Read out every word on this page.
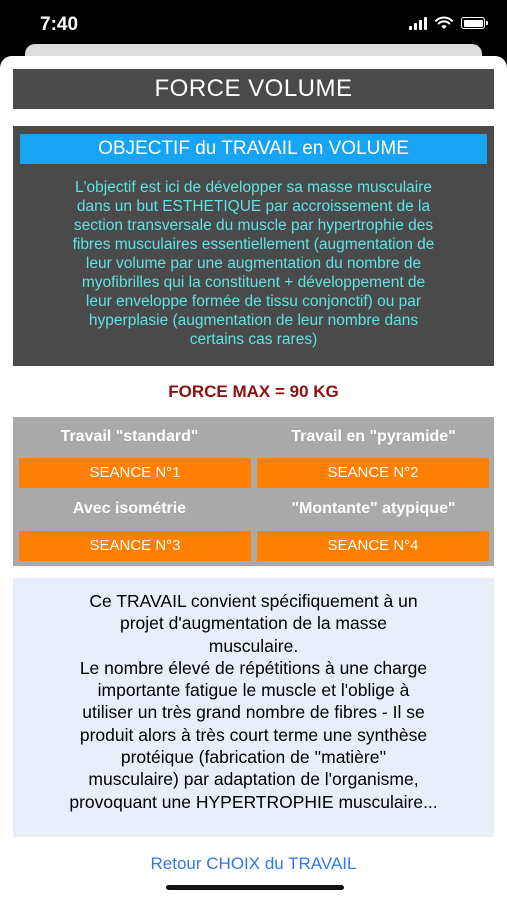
7:40
FORCE VOLUME
OBJECTIF du TRAVAIL en VOLUME
L'objectif est ici de développer sa masse musculaire
dans un but ESTHETIQUE par accroissement de la
section transversale du muscle par hypertrophie des
fibres musculaires essentiellement (augmentation de
leur volume par une augmentation du nombre de
myofibrilles qui la constituent + développement de
leur enveloppe formée de tissu conjonctif) ou par
hyperplasie (augmentation de leur nombre dans
certains cas rares)
FORCE MAX = 90 KG
Travail "standard"	Travail en "pyramide"
SEANCE N°1	SEANCE N°2
Avec isométrie	"Montante" atypique"
SEANCE N°3	SEANCE N°4
Ce TRAVAIL convient spécifiquement à un
projet d'augmentation de la masse
musculaire.
Le nombre élevé de répétitions à une charge
importante fatigue le muscle et l'oblige à
utiliser un très grand nombre de fibres - Il se
produit alors à très court terme une synthèse
protéique (fabrication de ''matière''
musculaire) par adaptation de l'organisme,
provoquant une HYPERTROPHIE musculaire...
Retour CHOIX du TRAVAIL
